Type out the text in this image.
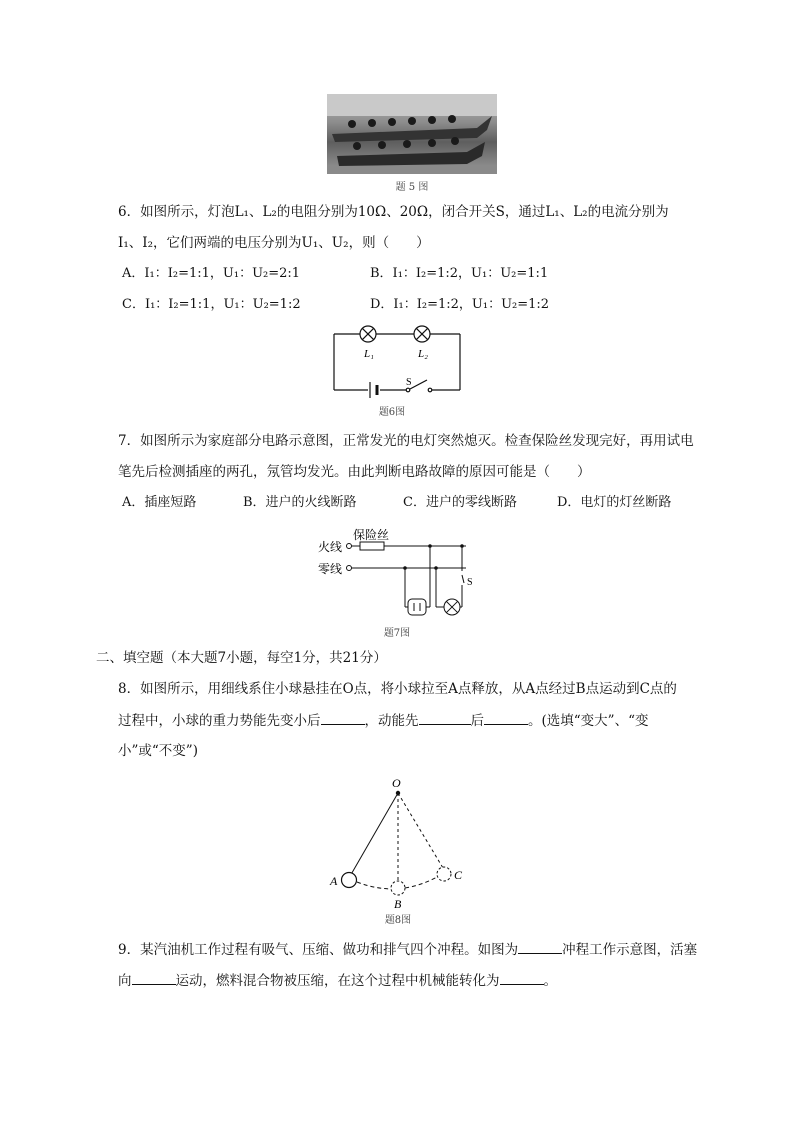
题 5 图
6．如图所示，灯泡L₁、L₂的电阻分别为10Ω、20Ω，闭合开关S，通过L₁、L₂的电流分别为
I₁、I₂，它们两端的电压分别为U₁、U₂，则（　　）
A．I₁：I₂=1:1，U₁：U₂=2:1	B．I₁：I₂=1:2，U₁：U₂=1:1
C．I₁：I₂=1:1，U₁：U₂=1:2	D．I₁：I₂=1:2，U₁：U₂=1:2
L₁	L₂
S
题6图
7．如图所示为家庭部分电路示意图，正常发光的电灯突然熄灭。检查保险丝发现完好，再用试电
笔先后检测插座的两孔，氖管均发光。由此判断电路故障的原因可能是（　　）
A．插座短路	B．进户的火线断路	C．进户的零线断路	D．电灯的灯丝断路
火线
零线
保险丝
S
题7图
二、填空题（本大题7小题，每空1分，共21分）
8．如图所示，用细线系住小球悬挂在O点，将小球拉至A点释放，从A点经过B点运动到C点的
过程中，小球的重力势能先变小后	，动能先	后	。(选填“变大”、“变
小”或“不变”)
O
A
B
C
题8图
9．某汽油机工作过程有吸气、压缩、做功和排气四个冲程。如图为	冲程工作示意图，活塞
向	运动，燃料混合物被压缩，在这个过程中机械能转化为	。
